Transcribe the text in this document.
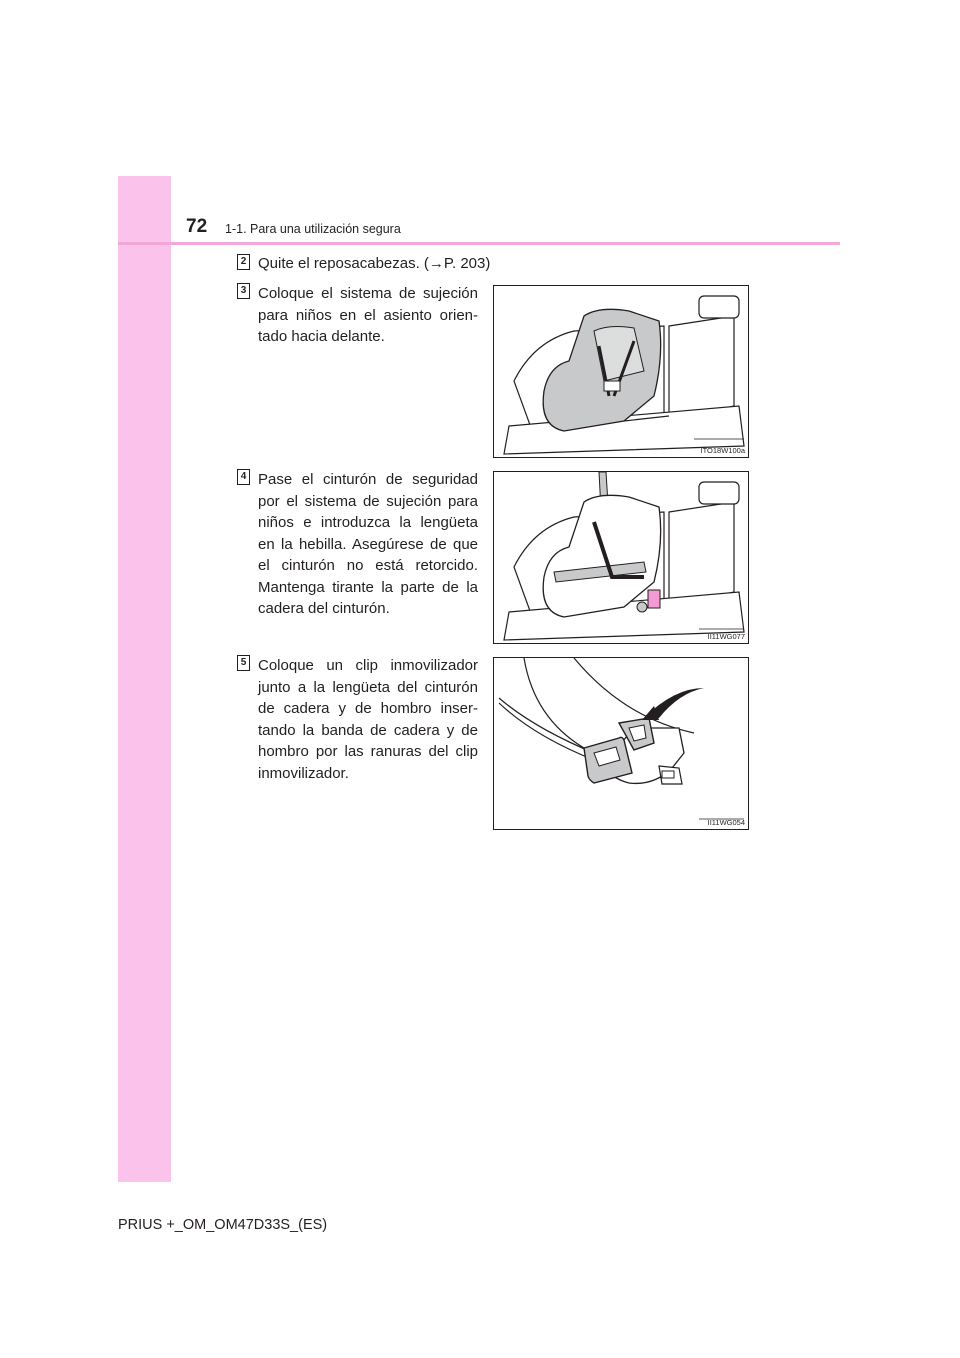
72 1-1. Para una utilización segura
2 Quite el reposacabezas. (→P. 203)
3 Coloque el sistema de sujeción para niños en el asiento orien-tado hacia delante.
ITO18W100a
4 Pase el cinturón de seguridad por el sistema de sujeción para niños e introduzca la lengüeta en la hebilla. Asegúrese de que el cinturón no está retorcido. Mantenga tirante la parte de la cadera del cinturón.
II11WG077
5 Coloque un clip inmovilizador junto a la lengüeta del cinturón de cadera y de hombro inser-tando la banda de cadera y de hombro por las ranuras del clip inmovilizador.
II11WG054
PRIUS +_OM_OM47D33S_(ES)
